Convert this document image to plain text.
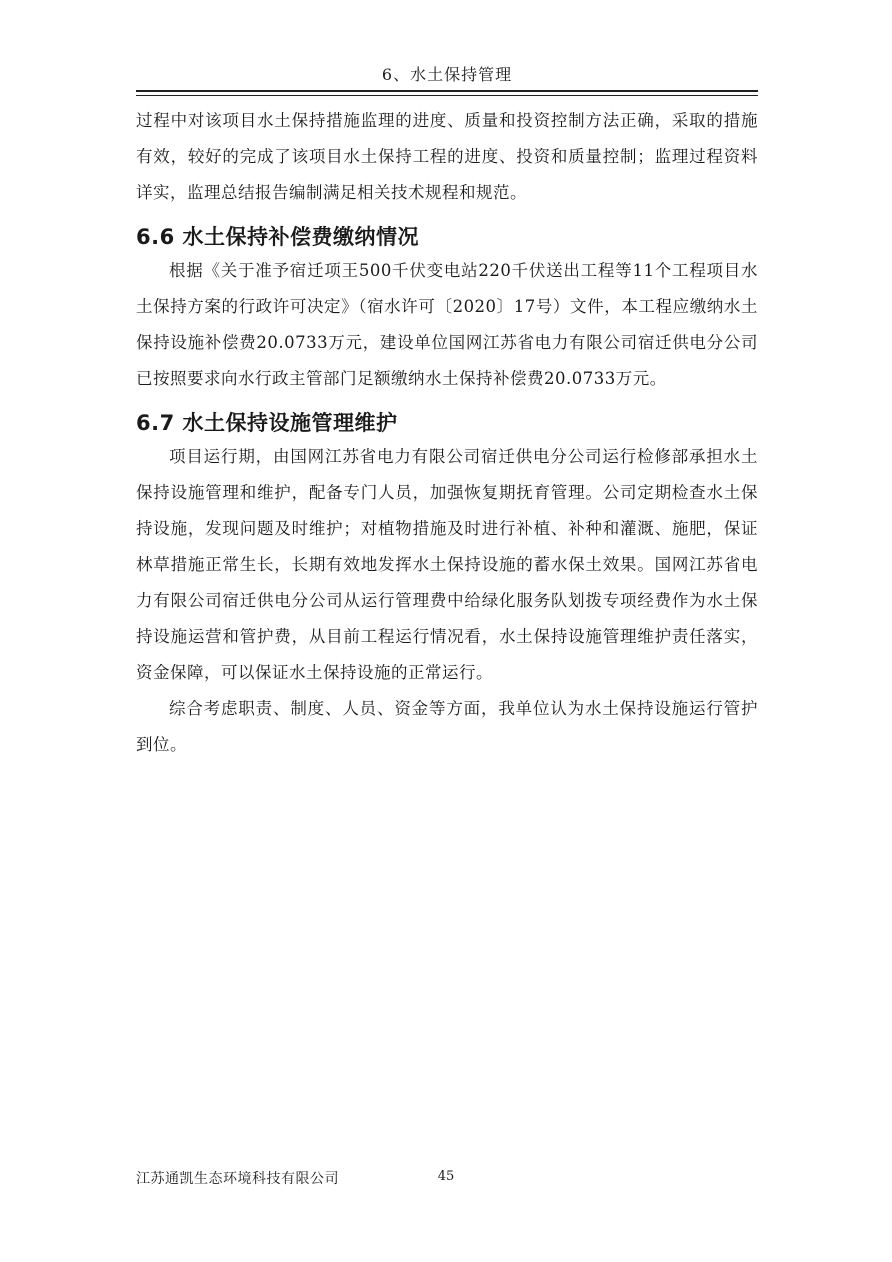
6、水土保持管理

过程中对该项目水土保持措施监理的进度、质量和投资控制方法正确，采取的措施有效，较好的完成了该项目水土保持工程的进度、投资和质量控制；监理过程资料详实，监理总结报告编制满足相关技术规程和规范。

6.6 水土保持补偿费缴纳情况

根据《关于准予宿迁项王500千伏变电站220千伏送出工程等11个工程项目水土保持方案的行政许可决定》（宿水许可〔2020〕17号）文件，本工程应缴纳水土保持设施补偿费20.0733万元，建设单位国网江苏省电力有限公司宿迁供电分公司已按照要求向水行政主管部门足额缴纳水土保持补偿费20.0733万元。

6.7 水土保持设施管理维护

项目运行期，由国网江苏省电力有限公司宿迁供电分公司运行检修部承担水土保持设施管理和维护，配备专门人员，加强恢复期抚育管理。公司定期检查水土保持设施，发现问题及时维护；对植物措施及时进行补植、补种和灌溉、施肥，保证林草措施正常生长，长期有效地发挥水土保持设施的蓄水保土效果。国网江苏省电力有限公司宿迁供电分公司从运行管理费中给绿化服务队划拨专项经费作为水土保持设施运营和管护费，从目前工程运行情况看，水土保持设施管理维护责任落实，资金保障，可以保证水土保持设施的正常运行。

综合考虑职责、制度、人员、资金等方面，我单位认为水土保持设施运行管护到位。

江苏通凯生态环境科技有限公司	45
